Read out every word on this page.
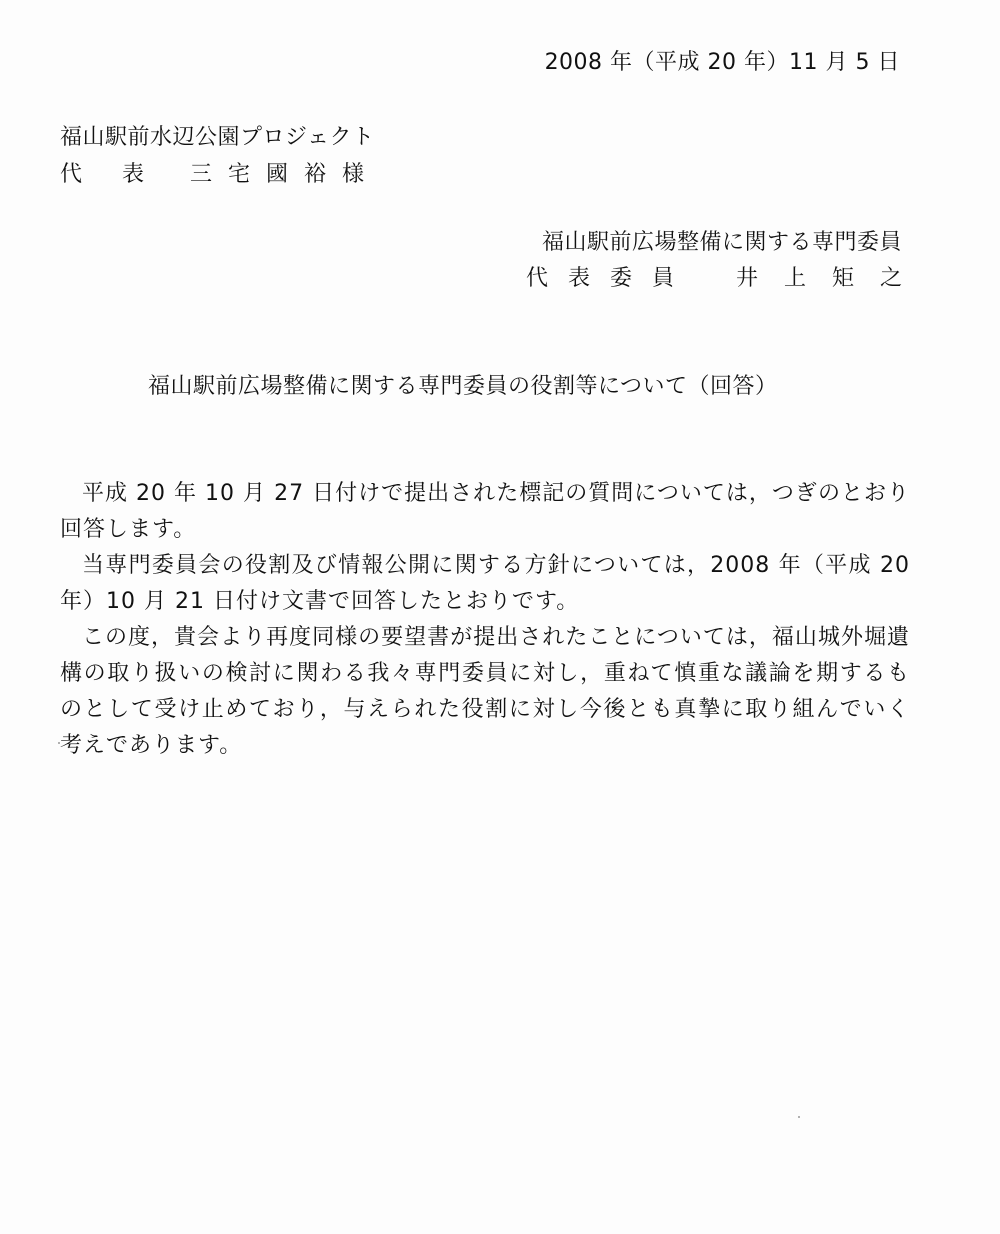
2008 年（平成 20 年）11 月 5 日
福山駅前水辺公園プロジェクト
代表 三宅國裕様
福山駅前広場整備に関する専門委員
代表委員	井上矩之
福山駅前広場整備に関する専門委員の役割等について（回答）

平成 20 年 10 月 27 日付けで提出された標記の質問については，つぎのとおり回答します。

当専門委員会の役割及び情報公開に関する方針については，2008 年（平成 20 年）10 月 21 日付け文書で回答したとおりです。

この度，貴会より再度同様の要望書が提出されたことについては，福山城外堀遺構の取り扱いの検討に関わる我々専門委員に対し，重ねて慎重な議論を期するものとして受け止めており，与えられた役割に対し今後とも真摯に取り組んでいく考えであります。
